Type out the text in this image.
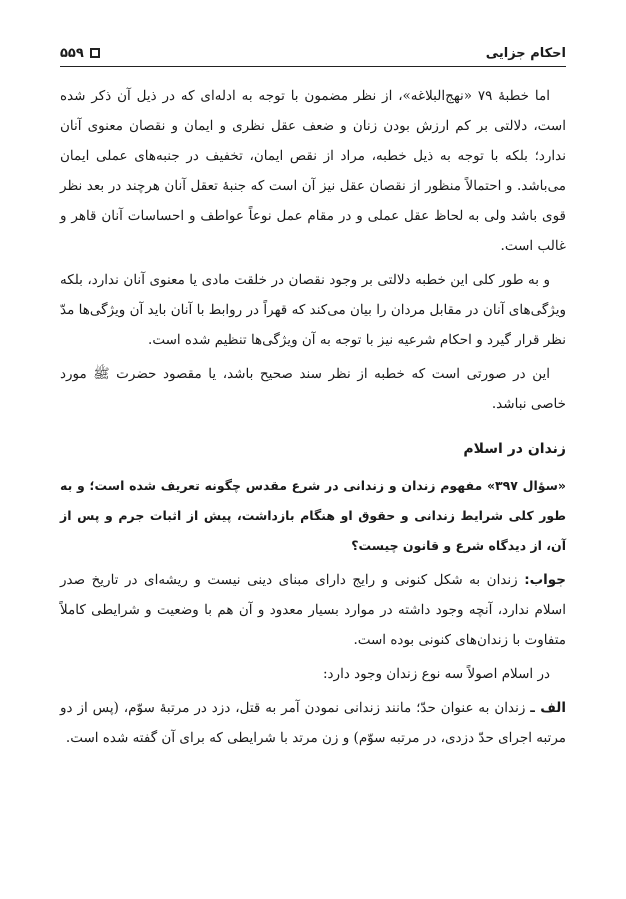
احکام جزایی
۵۵۹

اما خطبهٔ ۷۹ «نهج‌البلاغه»، از نظر مضمون با توجه به ادله‌ای که در ذیل آن ذکر شده است، دلالتی بر کم ارزش بودن زنان و ضعف عقل نظری و ایمان و نقصان معنوی آنان ندارد؛ بلکه با توجه به ذیل خطبه، مراد از نقص ایمان، تخفیف در جنبه‌های عملی ایمان می‌باشد. و احتمالاً منظور از نقصان عقل نیز آن است که جنبهٔ تعقل آنان هرچند در بعد نظر قوی باشد ولی به لحاظ عقل عملی و در مقام عمل نوعاً عواطف و احساسات آنان قاهر و غالب است.

و به طور کلی این خطبه دلالتی بر وجود نقصان در خلقت مادی یا معنوی آنان ندارد، بلکه ویژگی‌های آنان در مقابل مردان را بیان می‌کند که قهراً در روابط با آنان باید آن ویژگی‌ها مدّ نظر قرار گیرد و احکام شرعیه نیز با توجه به آن ویژگی‌ها تنظیم شده است.

این در صورتی است که خطبه از نظر سند صحیح باشد، یا مقصود حضرت ﷺ مورد خاصی نباشد.

زندان در اسلام

«سؤال ۳۹۷» مفهوم زندان و زندانی در شرع مقدس چگونه تعریف شده است؛ و به طور کلی شرایط زندانی و حقوق او هنگام بازداشت، پیش از اثبات جرم و پس از آن، از دیدگاه شرع و قانون چیست؟

جواب: زندان به شکل کنونی و رایج دارای مبنای دینی نیست و ریشه‌ای در تاریخ صدر اسلام ندارد، آنچه وجود داشته در موارد بسیار معدود و آن هم با وضعیت و شرایطی کاملاً متفاوت با زندان‌های کنونی بوده است.

در اسلام اصولاً سه نوع زندان وجود دارد:

الف ـ زندان به عنوان حدّ؛ مانند زندانی نمودن آمر به قتل، دزد در مرتبهٔ سوّم، (پس از دو مرتبه اجرای حدّ دزدی، در مرتبه سوّم) و زن مرتد با شرایطی که برای آن گفته شده است.
